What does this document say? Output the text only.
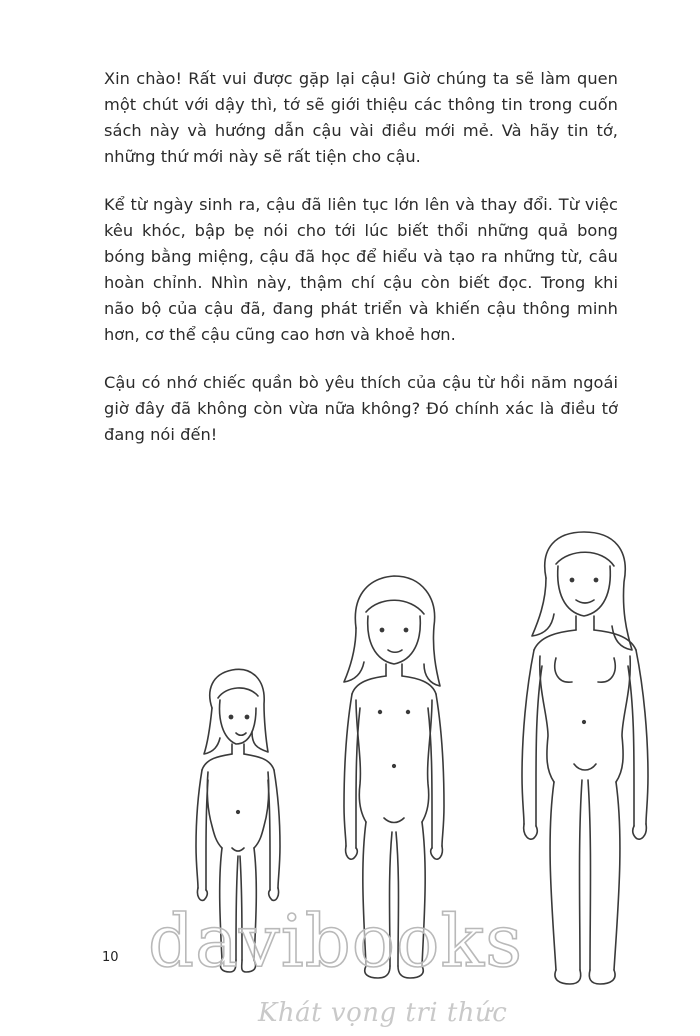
Xin chào! Rất vui được gặp lại cậu! Giờ chúng ta sẽ làm quen một chút với dậy thì, tớ sẽ giới thiệu các thông tin trong cuốn sách này và hướng dẫn cậu vài điều mới mẻ. Và hãy tin tớ, những thứ mới này sẽ rất tiện cho cậu.

Kể từ ngày sinh ra, cậu đã liên tục lớn lên và thay đổi. Từ việc kêu khóc, bập bẹ nói cho tới lúc biết thổi những quả bong bóng bằng miệng, cậu đã học để hiểu và tạo ra những từ, câu hoàn chỉnh. Nhìn này, thậm chí cậu còn biết đọc. Trong khi não bộ của cậu đã, đang phát triển và khiến cậu thông minh hơn, cơ thể cậu cũng cao hơn và khoẻ hơn.

Cậu có nhớ chiếc quần bò yêu thích của cậu từ hồi năm ngoái giờ đây đã không còn vừa nữa không? Đó chính xác là điều tớ đang nói đến!

10 davibooks
Khát vọng tri thức
